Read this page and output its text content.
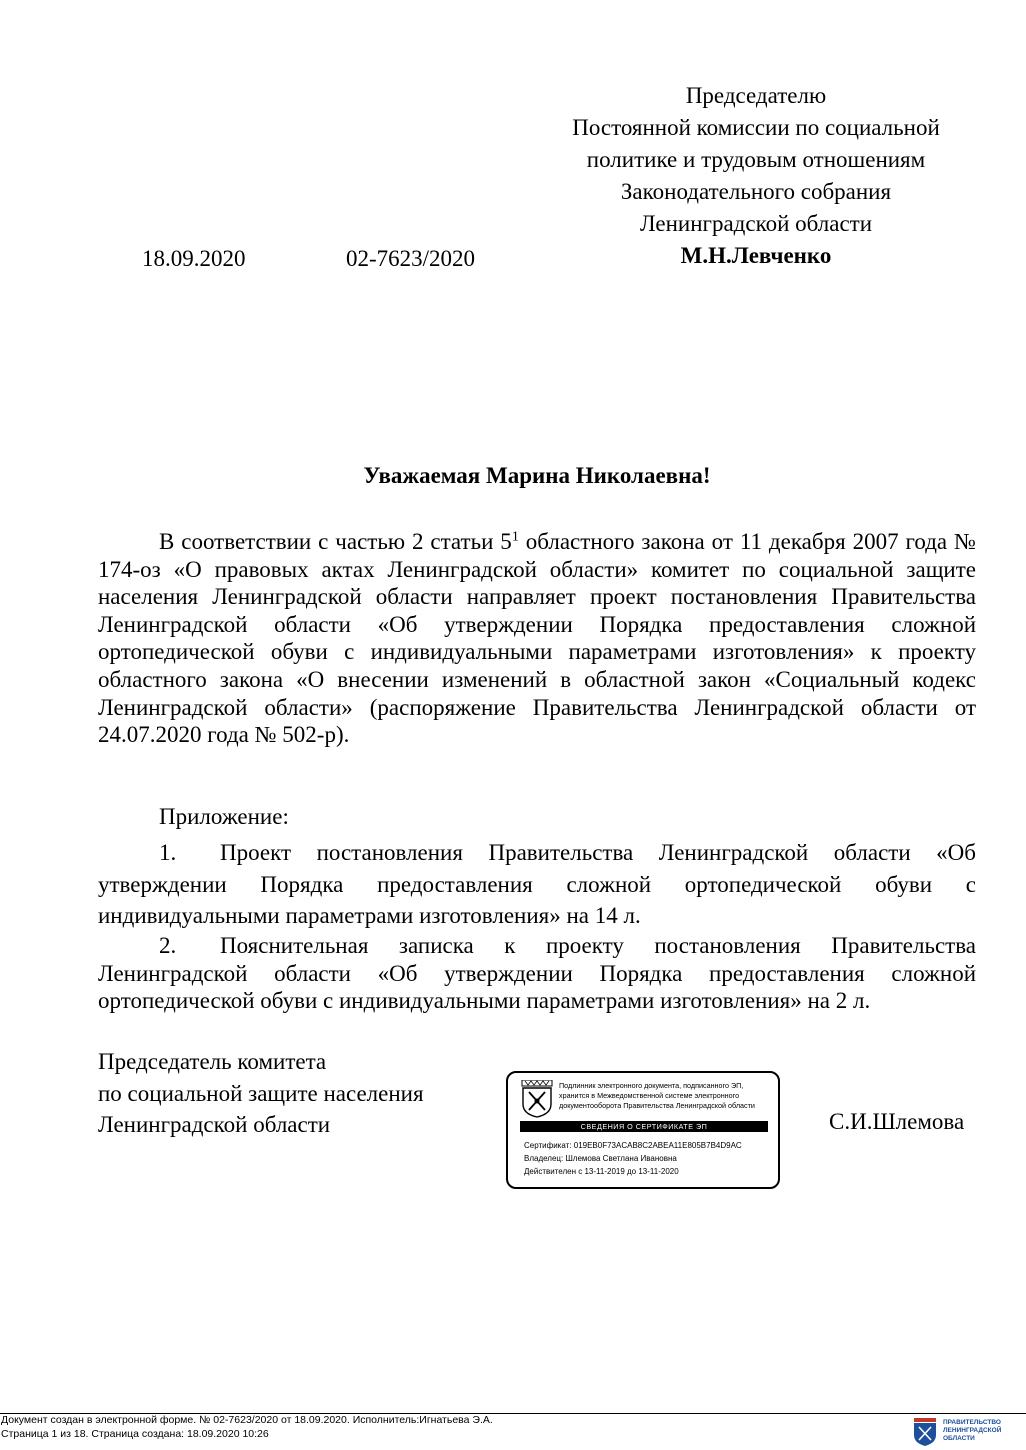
Председателю
Постоянной комиссии по социальной
политике и трудовым отношениям
Законодательного собрания
Ленинградской области
М.Н.Левченко
18.09.2020	02-7623/2020
Уважаемая Марина Николаевна!

В соответствии с частью 2 статьи $5^1$ областного закона от 11 декабря 2007 года № 174-оз «О правовых актах Ленинградской области» комитет по социальной защите населения Ленинградской области направляет проект постановления Правительства Ленинградской области «Об утверждении Порядка предоставления сложной ортопедической обуви с индивидуальными параметрами изготовления» к проекту областного закона «О внесении изменений в областной закон «Социальный кодекс Ленинградской области» (распоряжение Правительства Ленинградской области от 24.07.2020 года № 502-р).

Приложение:

1. Проект постановления Правительства Ленинградской области «Об утверждении Порядка предоставления сложной ортопедической обуви с индивидуальными параметрами изготовления» на 14 л.

2. Пояснительная записка к проекту постановления Правительства Ленинградской области «Об утверждении Порядка предоставления сложной ортопедической обуви с индивидуальными параметрами изготовления» на 2 л.

Председатель комитета
по социальной защите населения
Ленинградской области	С.И.Шлемова
Подлинник электронного документа, подписанного ЭП,
хранится в Межведомственной системе электронного
документооборота Правительства Ленинградской области
СВЕДЕНИЯ О СЕРТИФИКАТЕ ЭП
Сертификат: 019EB0F73ACAB8C2ABEA11E805B7B4D9AC
Владелец: Шлемова Светлана Ивановна
Действителен с 13-11-2019 до 13-11-2020
Документ создан в электронной форме. № 02-7623/2020 от 18.09.2020. Исполнитель:Игнатьева Э.А.
Страница 1 из 18. Страница создана: 18.09.2020 10:26
ПРАВИТЕЛЬСТВО
ЛЕНИНГРАДСКОЙ
ОБЛАСТИ
